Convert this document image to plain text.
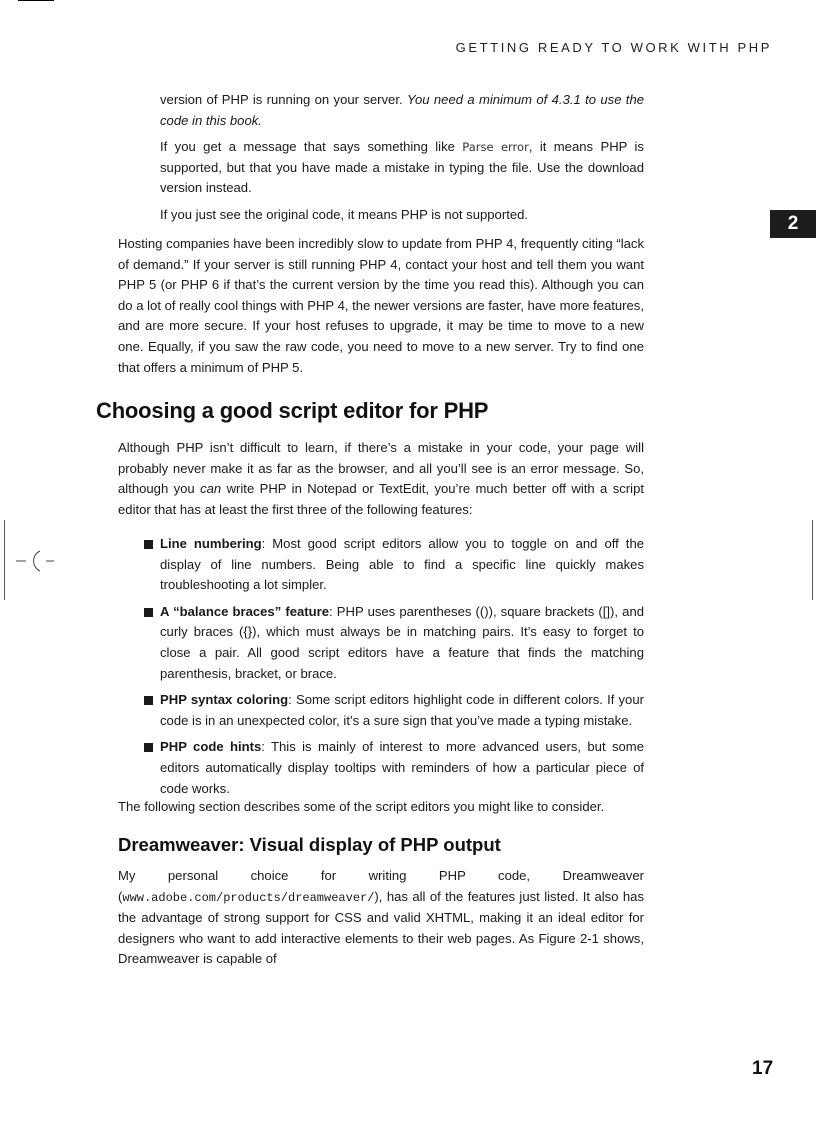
GETTING READY TO WORK WITH PHP
2

version of PHP is running on your server. You need a minimum of 4.3.1 to use the code in this book.

If you get a message that says something like Parse error, it means PHP is supported, but that you have made a mistake in typing the file. Use the download version instead.

If you just see the original code, it means PHP is not supported.

Hosting companies have been incredibly slow to update from PHP 4, frequently citing “lack of demand.” If your server is still running PHP 4, contact your host and tell them you want PHP 5 (or PHP 6 if that’s the current version by the time you read this). Although you can do a lot of really cool things with PHP 4, the newer versions are faster, have more features, and are more secure. If your host refuses to upgrade, it may be time to move to a new one. Equally, if you saw the raw code, you need to move to a new server. Try to find one that offers a minimum of PHP 5.

Choosing a good script editor for PHP

Although PHP isn’t difficult to learn, if there’s a mistake in your code, your page will probably never make it as far as the browser, and all you’ll see is an error message. So, although you can write PHP in Notepad or TextEdit, you’re much better off with a script editor that has at least the first three of the following features:

Line numbering: Most good script editors allow you to toggle on and off the display of line numbers. Being able to find a specific line quickly makes troubleshooting a lot simpler.
A “balance braces” feature: PHP uses parentheses (()), square brackets ([]), and curly braces ({}), which must always be in matching pairs. It’s easy to forget to close a pair. All good script editors have a feature that finds the matching parenthesis, bracket, or brace.
PHP syntax coloring: Some script editors highlight code in different colors. If your code is in an unexpected color, it’s a sure sign that you’ve made a typing mistake.
PHP code hints: This is mainly of interest to more advanced users, but some editors automatically display tooltips with reminders of how a particular piece of code works.

The following section describes some of the script editors you might like to consider.

Dreamweaver: Visual display of PHP output

My personal choice for writing PHP code, Dreamweaver (www.adobe.com/products/dreamweaver/), has all of the features just listed. It also has the advantage of strong support for CSS and valid XHTML, making it an ideal editor for designers who want to add interactive elements to their web pages. As Figure 2-1 shows, Dreamweaver is capable of

17
